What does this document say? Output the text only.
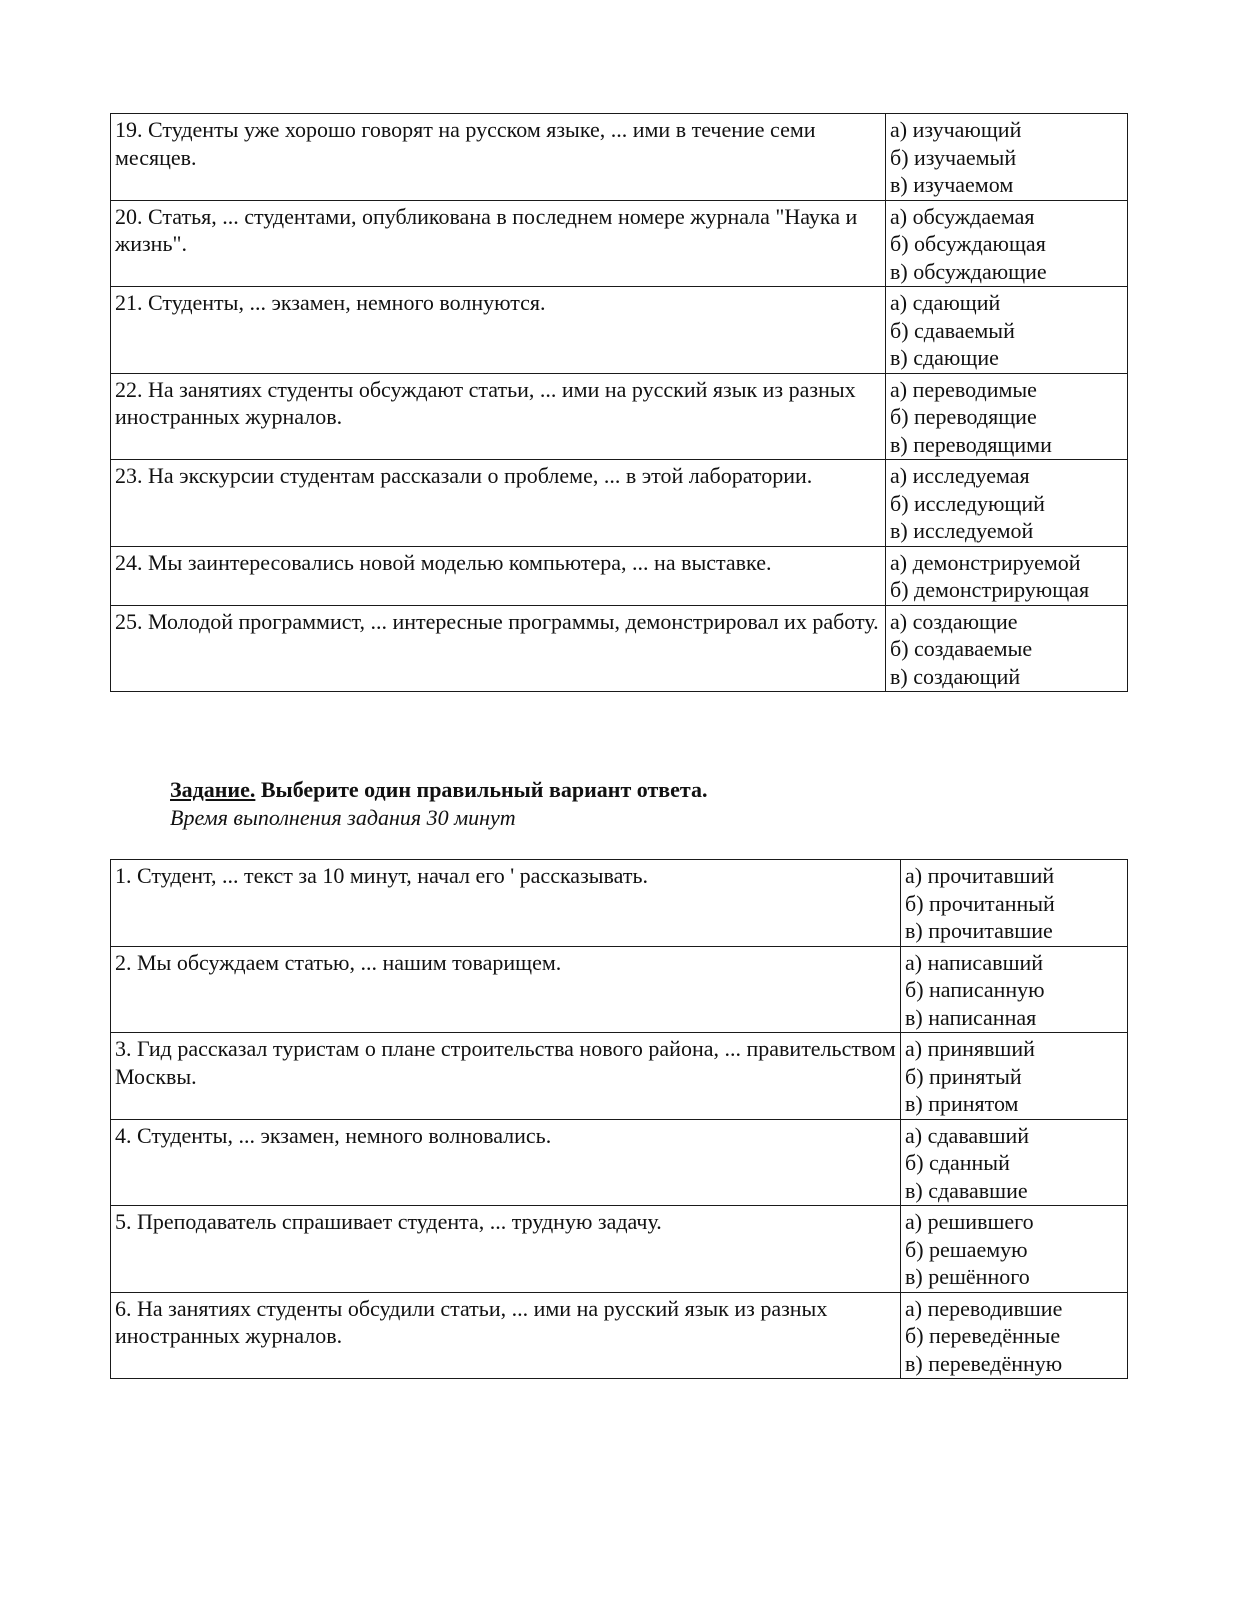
19. Студенты уже хорошо говорят на русском языке, ... ими в течение семи месяцев.	а) изучающий
б) изучаемый
в) изучаемом

20. Статья, ... студентами, опубликована в последнем номере журнала "Наука и жизнь".	а) обсуждаемая
б) обсуждающая
в) обсуждающие

21. Студенты, ... экзамен, немного волнуются.	а) сдающий
б) сдаваемый
в) сдающие

22. На занятиях студенты обсуждают статьи, ... ими на русский язык из разных иностранных журналов.	а) переводимые
б) переводящие
в) переводящими

23. На экскурсии студентам рассказали о проблеме, ... в этой лаборатории.	а) исследуемая
б) исследующий
в) исследуемой

24. Мы заинтересовались новой моделью компьютера, ... на выставке.	а) демонстрируемой
б) демонстрирующая

25. Молодой программист, ... интересные программы, демонстрировал их работу.	а) создающие
б) создаваемые
в) создающий
Задание. Выберите один правильный вариант ответа.
Время выполнения задания 30 минут
1. Студент, ... текст за 10 минут, начал его ' рассказывать.	а) прочитавший
б) прочитанный
в) прочитавшие

2. Мы обсуждаем статью, ... нашим товарищем.	а) написавший
б) написанную
в) написанная

3. Гид рассказал туристам о плане строительства нового района, ... правительством Москвы.	а) принявший
б) принятый
в) принятом

4. Студенты, ... экзамен, немного волновались.	а) сдававший
б) сданный
в) сдававшие

5. Преподаватель спрашивает студента, ... трудную задачу.	а) решившего
б) решаемую
в) решённого

6. На занятиях студенты обсудили статьи, ... ими на русский язык из разных иностранных журналов.	а) переводившие
б) переведённые
в) переведённую
